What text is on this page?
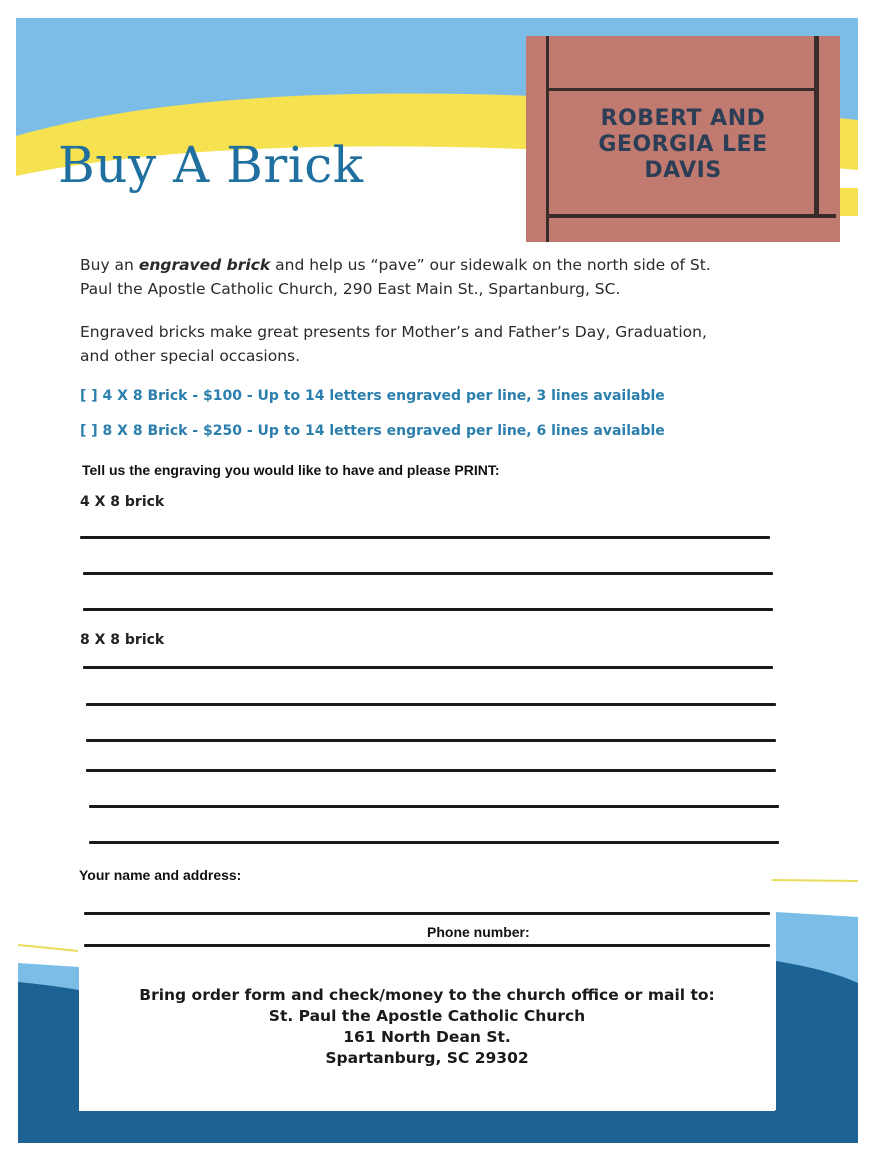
Buy A Brick
ROBERT AND
GEORGIA LEE
DAVIS
Buy an engraved brick and help us “pave” our sidewalk on the north side of St.
Paul the Apostle Catholic Church, 290 East Main St., Spartanburg, SC.
Engraved bricks make great presents for Mother’s and Father’s Day, Graduation,
and other special occasions.
[ ] 4 X 8 Brick - $100 - Up to 14 letters engraved per line, 3 lines available
[ ] 8 X 8 Brick - $250 - Up to 14 letters engraved per line, 6 lines available
Tell us the engraving you would like to have and please PRINT:
4 X 8 brick
8 X 8 brick
Your name and address:
Phone number:
Bring order form and check/money to the church office or mail to:
St. Paul the Apostle Catholic Church
161 North Dean St.
Spartanburg, SC 29302
